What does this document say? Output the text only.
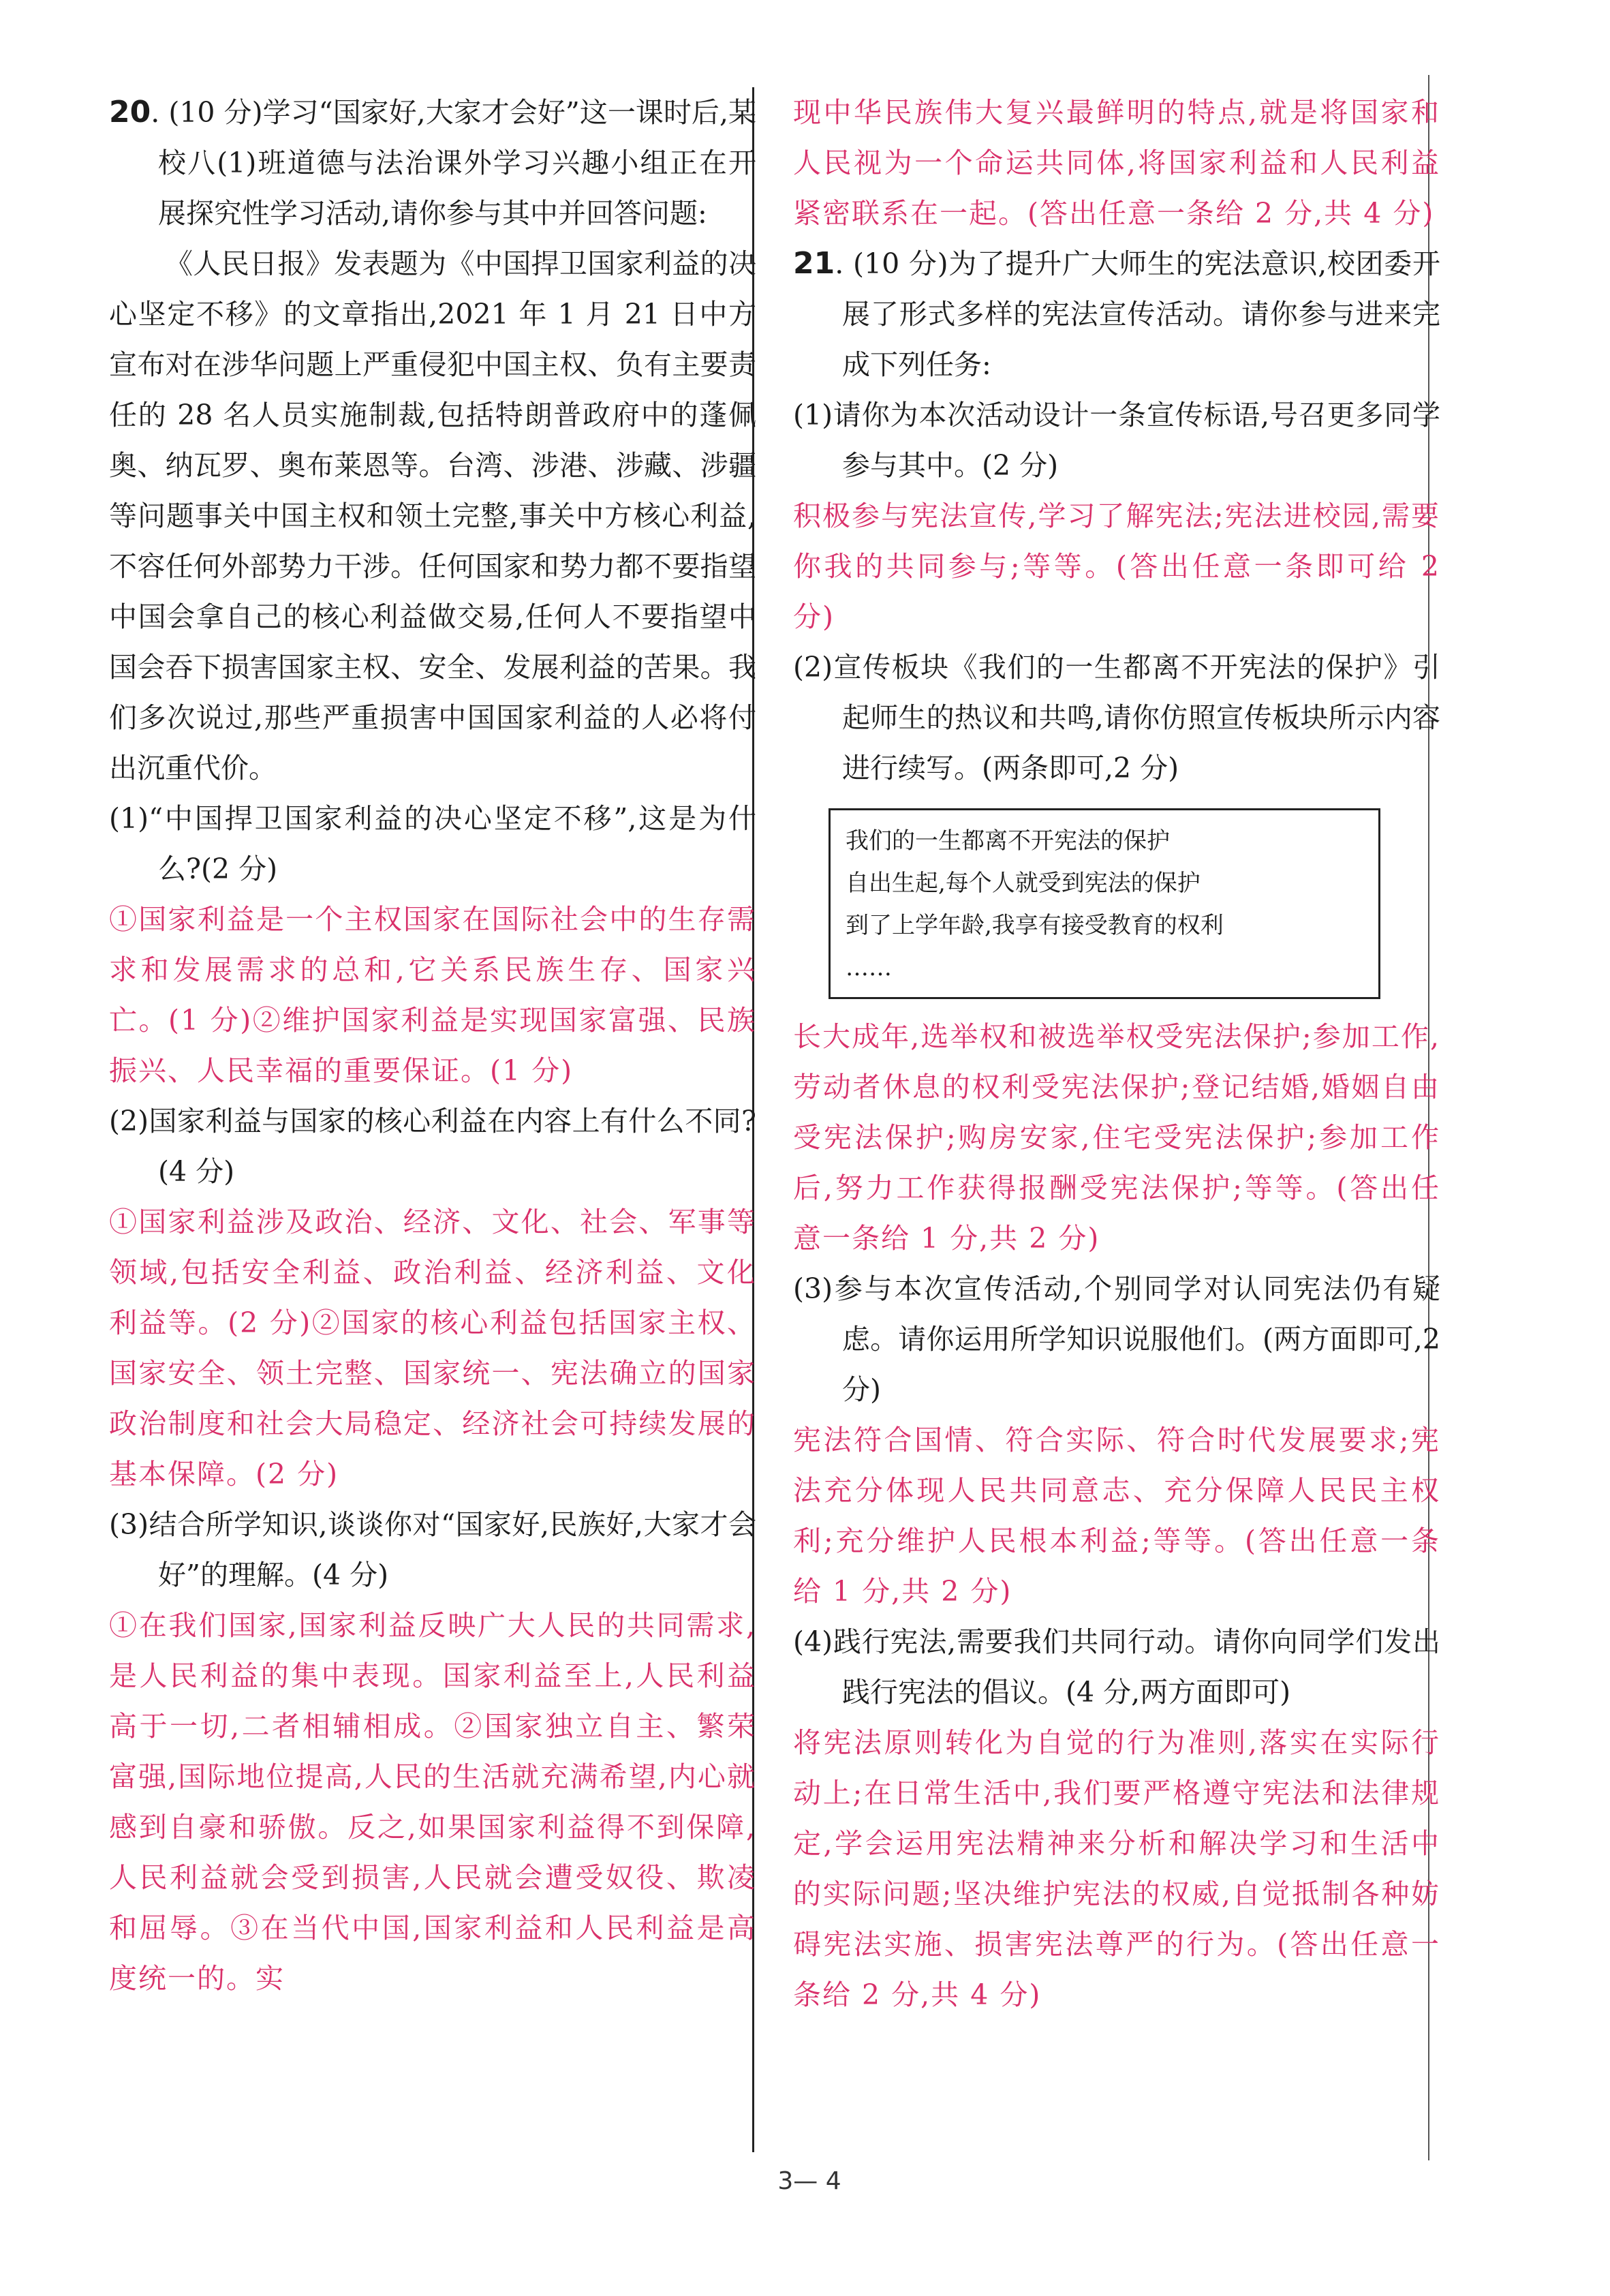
20. (10 分)学习“国家好,大家才会好”这一课时后,某校八(1)班道德与法治课外学习兴趣小组正在开展探究性学习活动,请你参与其中并回答问题:

《人民日报》发表题为《中国捍卫国家利益的决心坚定不移》的文章指出,2021 年 1 月 21 日中方宣布对在涉华问题上严重侵犯中国主权、负有主要责任的 28 名人员实施制裁,包括特朗普政府中的蓬佩奥、纳瓦罗、奥布莱恩等。台湾、涉港、涉藏、涉疆等问题事关中国主权和领土完整,事关中方核心利益,不容任何外部势力干涉。任何国家和势力都不要指望中国会拿自己的核心利益做交易,任何人不要指望中国会吞下损害国家主权、安全、发展利益的苦果。我们多次说过,那些严重损害中国国家利益的人必将付出沉重代价。

(1)“中国捍卫国家利益的决心坚定不移”,这是为什么?(2 分)

①国家利益是一个主权国家在国际社会中的生存需求和发展需求的总和,它关系民族生存、国家兴亡。(1 分)②维护国家利益是实现国家富强、民族振兴、人民幸福的重要保证。(1 分)

(2)国家利益与国家的核心利益在内容上有什么不同?(4 分)

①国家利益涉及政治、经济、文化、社会、军事等领域,包括安全利益、政治利益、经济利益、文化利益等。(2 分)②国家的核心利益包括国家主权、国家安全、领土完整、国家统一、宪法确立的国家政治制度和社会大局稳定、经济社会可持续发展的基本保障。(2 分)

(3)结合所学知识,谈谈你对“国家好,民族好,大家才会好”的理解。(4 分)

①在我们国家,国家利益反映广大人民的共同需求,是人民利益的集中表现。国家利益至上,人民利益高于一切,二者相辅相成。②国家独立自主、繁荣富强,国际地位提高,人民的生活就充满希望,内心就感到自豪和骄傲。反之,如果国家利益得不到保障,人民利益就会受到损害,人民就会遭受奴役、欺凌和屈辱。③在当代中国,国家利益和人民利益是高度统一的。实

现中华民族伟大复兴最鲜明的特点,就是将国家和人民视为一个命运共同体,将国家利益和人民利益紧密联系在一起。(答出任意一条给 2 分,共 4 分)

21. (10 分)为了提升广大师生的宪法意识,校团委开展了形式多样的宪法宣传活动。请你参与进来完成下列任务:

(1)请你为本次活动设计一条宣传标语,号召更多同学参与其中。(2 分)

积极参与宪法宣传,学习了解宪法;宪法进校园,需要你我的共同参与;等等。(答出任意一条即可给 2 分)

(2)宣传板块《我们的一生都离不开宪法的保护》引起师生的热议和共鸣,请你仿照宣传板块所示内容进行续写。(两条即可,2 分)

我们的一生都离不开宪法的保护

自出生起,每个人就受到宪法的保护

到了上学年龄,我享有接受教育的权利

……

长大成年,选举权和被选举权受宪法保护;参加工作,劳动者休息的权利受宪法保护;登记结婚,婚姻自由受宪法保护;购房安家,住宅受宪法保护;参加工作后,努力工作获得报酬受宪法保护;等等。(答出任意一条给 1 分,共 2 分)

(3)参与本次宣传活动,个别同学对认同宪法仍有疑虑。请你运用所学知识说服他们。(两方面即可,2 分)

宪法符合国情、符合实际、符合时代发展要求;宪法充分体现人民共同意志、充分保障人民民主权利;充分维护人民根本利益;等等。(答出任意一条给 1 分,共 2 分)

(4)践行宪法,需要我们共同行动。请你向同学们发出践行宪法的倡议。(4 分,两方面即可)

将宪法原则转化为自觉的行为准则,落实在实际行动上;在日常生活中,我们要严格遵守宪法和法律规定,学会运用宪法精神来分析和解决学习和生活中的实际问题;坚决维护宪法的权威,自觉抵制各种妨碍宪法实施、损害宪法尊严的行为。(答出任意一条给 2 分,共 4 分)

3— 4
